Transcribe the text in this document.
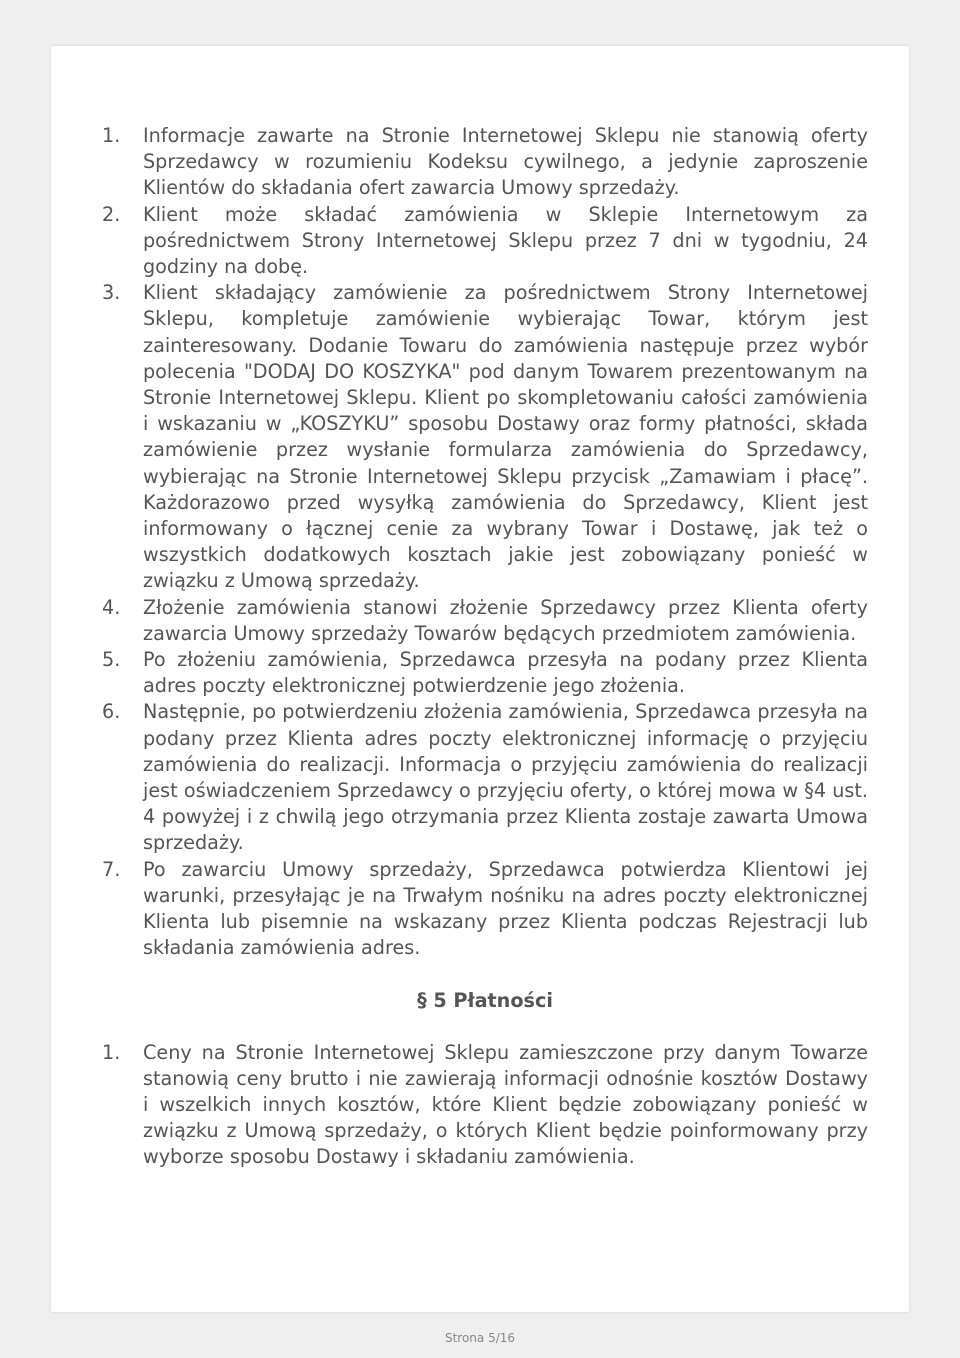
1. Informacje zawarte na Stronie Internetowej Sklepu nie stanowią oferty Sprzedawcy w rozumieniu Kodeksu cywilnego, a jedynie zaproszenie Klientów do składania ofert zawarcia Umowy sprzedaży.
2. Klient może składać zamówienia w Sklepie Internetowym za pośrednictwem Strony Internetowej Sklepu przez 7 dni w tygodniu, 24 godziny na dobę.
3. Klient składający zamówienie za pośrednictwem Strony Internetowej Sklepu, kompletuje zamówienie wybierając Towar, którym jest zainteresowany. Dodanie Towaru do zamówienia następuje przez wybór polecenia "DODAJ DO KOSZYKA" pod danym Towarem prezentowanym na Stronie Internetowej Sklepu. Klient po skompletowaniu całości zamówienia i wskazaniu w „KOSZYKU” sposobu Dostawy oraz formy płatności, składa zamówienie przez wysłanie formularza zamówienia do Sprzedawcy, wybierając na Stronie Internetowej Sklepu przycisk „Zamawiam i płacę”. Każdorazowo przed wysyłką zamówienia do Sprzedawcy, Klient jest informowany o łącznej cenie za wybrany Towar i Dostawę, jak też o wszystkich dodatkowych kosztach jakie jest zobowiązany ponieść w związku z Umową sprzedaży.
4. Złożenie zamówienia stanowi złożenie Sprzedawcy przez Klienta oferty zawarcia Umowy sprzedaży Towarów będących przedmiotem zamówienia.
5. Po złożeniu zamówienia, Sprzedawca przesyła na podany przez Klienta adres poczty elektronicznej potwierdzenie jego złożenia.
6. Następnie, po potwierdzeniu złożenia zamówienia, Sprzedawca przesyła na podany przez Klienta adres poczty elektronicznej informację o przyjęciu zamówienia do realizacji. Informacja o przyjęciu zamówienia do realizacji jest oświadczeniem Sprzedawcy o przyjęciu oferty, o której mowa w §4 ust. 4 powyżej i z chwilą jego otrzymania przez Klienta zostaje zawarta Umowa sprzedaży.
7. Po zawarciu Umowy sprzedaży, Sprzedawca potwierdza Klientowi jej warunki, przesyłając je na Trwałym nośniku na adres poczty elektronicznej Klienta lub pisemnie na wskazany przez Klienta podczas Rejestracji lub składania zamówienia adres.
§ 5 Płatności
1. Ceny na Stronie Internetowej Sklepu zamieszczone przy danym Towarze stanowią ceny brutto i nie zawierają informacji odnośnie kosztów Dostawy i wszelkich innych kosztów, które Klient będzie zobowiązany ponieść w związku z Umową sprzedaży, o których Klient będzie poinformowany przy wyborze sposobu Dostawy i składaniu zamówienia.
Strona 5/16
